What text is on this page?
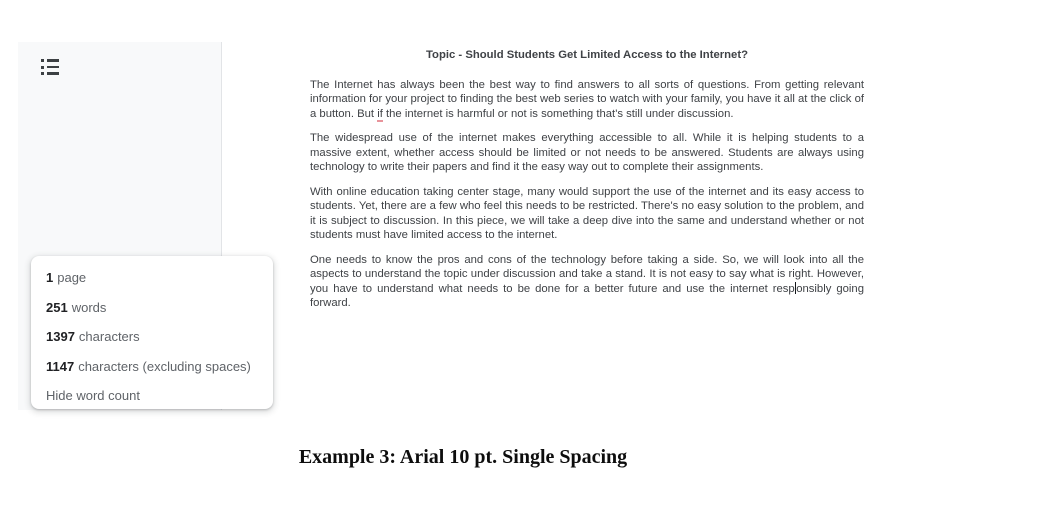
1 page
251 words
1397 characters
1147 characters (excluding spaces)
Hide word count
Topic - Should Students Get Limited Access to the Internet?

The Internet has always been the best way to find answers to all sorts of questions. From getting relevant information for your project to finding the best web series to watch with your family, you have it all at the click of a button. But if the internet is harmful or not is something that's still under discussion.

The widespread use of the internet makes everything accessible to all. While it is helping students to a massive extent, whether access should be limited or not needs to be answered. Students are always using technology to write their papers and find it the easy way out to complete their assignments.

With online education taking center stage, many would support the use of the internet and its easy access to students. Yet, there are a few who feel this needs to be restricted. There's no easy solution to the problem, and it is subject to discussion. In this piece, we will take a deep dive into the same and understand whether or not students must have limited access to the internet.

One needs to know the pros and cons of the technology before taking a side. So, we will look into all the aspects to understand the topic under discussion and take a stand. It is not easy to say what is right. However, you have to understand what needs to be done for a better future and use the internet resp onsibly going forward.

Example 3: Arial 10 pt. Single Spacing
